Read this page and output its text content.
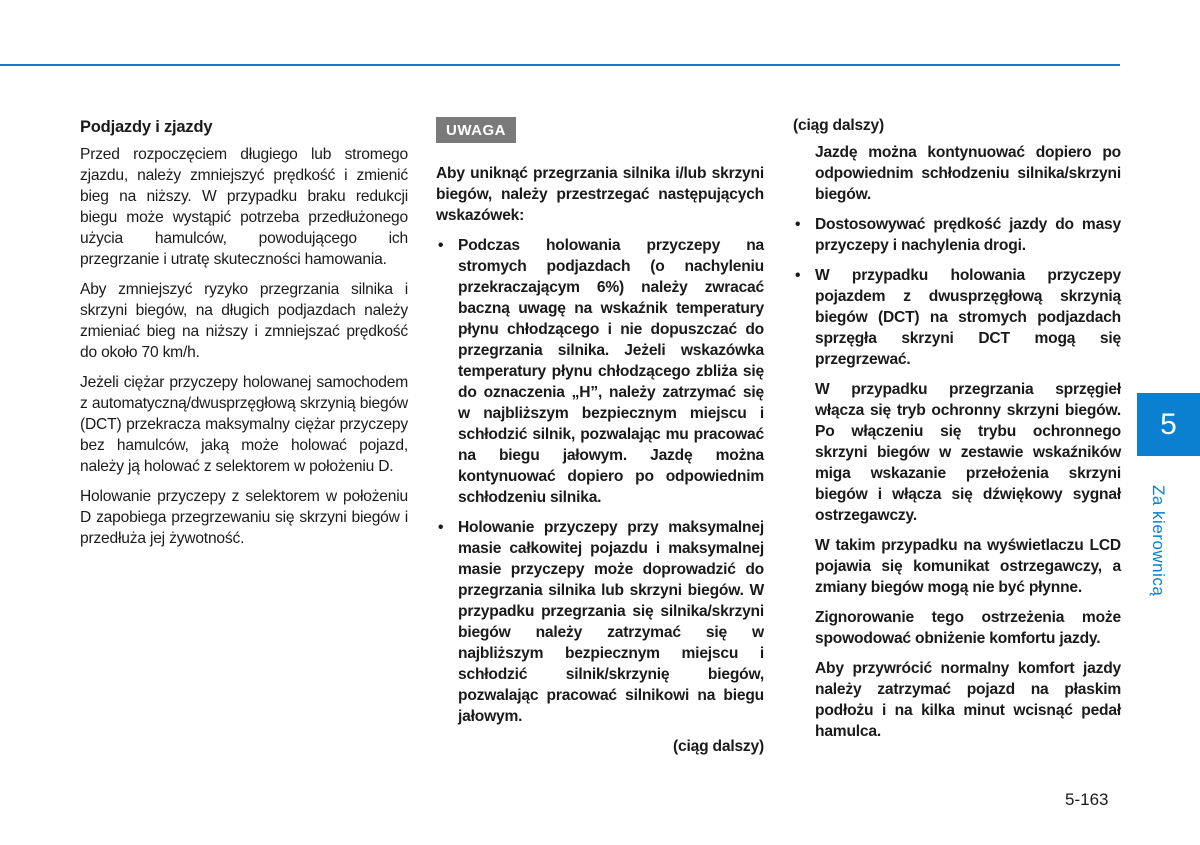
Podjazdy i zjazdy

Przed rozpoczęciem długiego lub stromego zjazdu, należy zmniejszyć prędkość i zmienić bieg na niższy. W przypadku braku redukcji biegu może wystąpić potrzeba przedłużonego użycia hamulców, powodującego ich przegrzanie i utratę skuteczności hamowania.

Aby zmniejszyć ryzyko przegrzania silnika i skrzyni biegów, na długich podjazdach należy zmieniać bieg na niższy i zmniejszać prędkość do około 70 km/h.

Jeżeli ciężar przyczepy holowanej samochodem z automatyczną/dwusprzęgłową skrzynią biegów (DCT) przekracza maksymalny ciężar przyczepy bez hamulców, jaką może holować pojazd, należy ją holować z selektorem w położeniu D.

Holowanie przyczepy z selektorem w położeniu D zapobiega przegrzewaniu się skrzyni biegów i przedłuża jej żywotność.

UWAGA

Aby uniknąć przegrzania silnika i/lub skrzyni biegów, należy przestrzegać następujących wskazówek:

• Podczas holowania przyczepy na stromych podjazdach (o nachyleniu przekraczającym 6%) należy zwracać baczną uwagę na wskaźnik temperatury płynu chłodzącego i nie dopuszczać do przegrzania silnika. Jeżeli wskazówka temperatury płynu chłodzącego zbliża się do oznaczenia „H”, należy zatrzymać się w najbliższym bezpiecznym miejscu i schłodzić silnik, pozwalając mu pracować na biegu jałowym. Jazdę można kontynuować dopiero po odpowiednim schłodzeniu silnika.
• Holowanie przyczepy przy maksymalnej masie całkowitej pojazdu i maksymalnej masie przyczepy może doprowadzić do przegrzania silnika lub skrzyni biegów. W przypadku przegrzania się silnika/skrzyni biegów należy zatrzymać się w najbliższym bezpiecznym miejscu i schłodzić silnik/skrzynię biegów, pozwalając pracować silnikowi na biegu jałowym.

(ciąg dalszy)

(ciąg dalszy)

Jazdę można kontynuować dopiero po odpowiednim schłodzeniu silnika/skrzyni biegów.

• Dostosowywać prędkość jazdy do masy przyczepy i nachylenia drogi.
• W przypadku holowania przyczepy pojazdem z dwusprzęgłową skrzynią biegów (DCT) na stromych podjazdach sprzęgła skrzyni DCT mogą się przegrzewać.

W przypadku przegrzania sprzęgieł włącza się tryb ochronny skrzyni biegów. Po włączeniu się trybu ochronnego skrzyni biegów w zestawie wskaźników miga wskazanie przełożenia skrzyni biegów i włącza się dźwiękowy sygnał ostrzegawczy.

W takim przypadku na wyświetlaczu LCD pojawia się komunikat ostrzegawczy, a zmiany biegów mogą nie być płynne.

Zignorowanie tego ostrzeżenia może spowodować obniżenie komfortu jazdy.

Aby przywrócić normalny komfort jazdy należy zatrzymać pojazd na płaskim podłożu i na kilka minut wcisnąć pedał hamulca.

5
Za kierownicą
5-163
